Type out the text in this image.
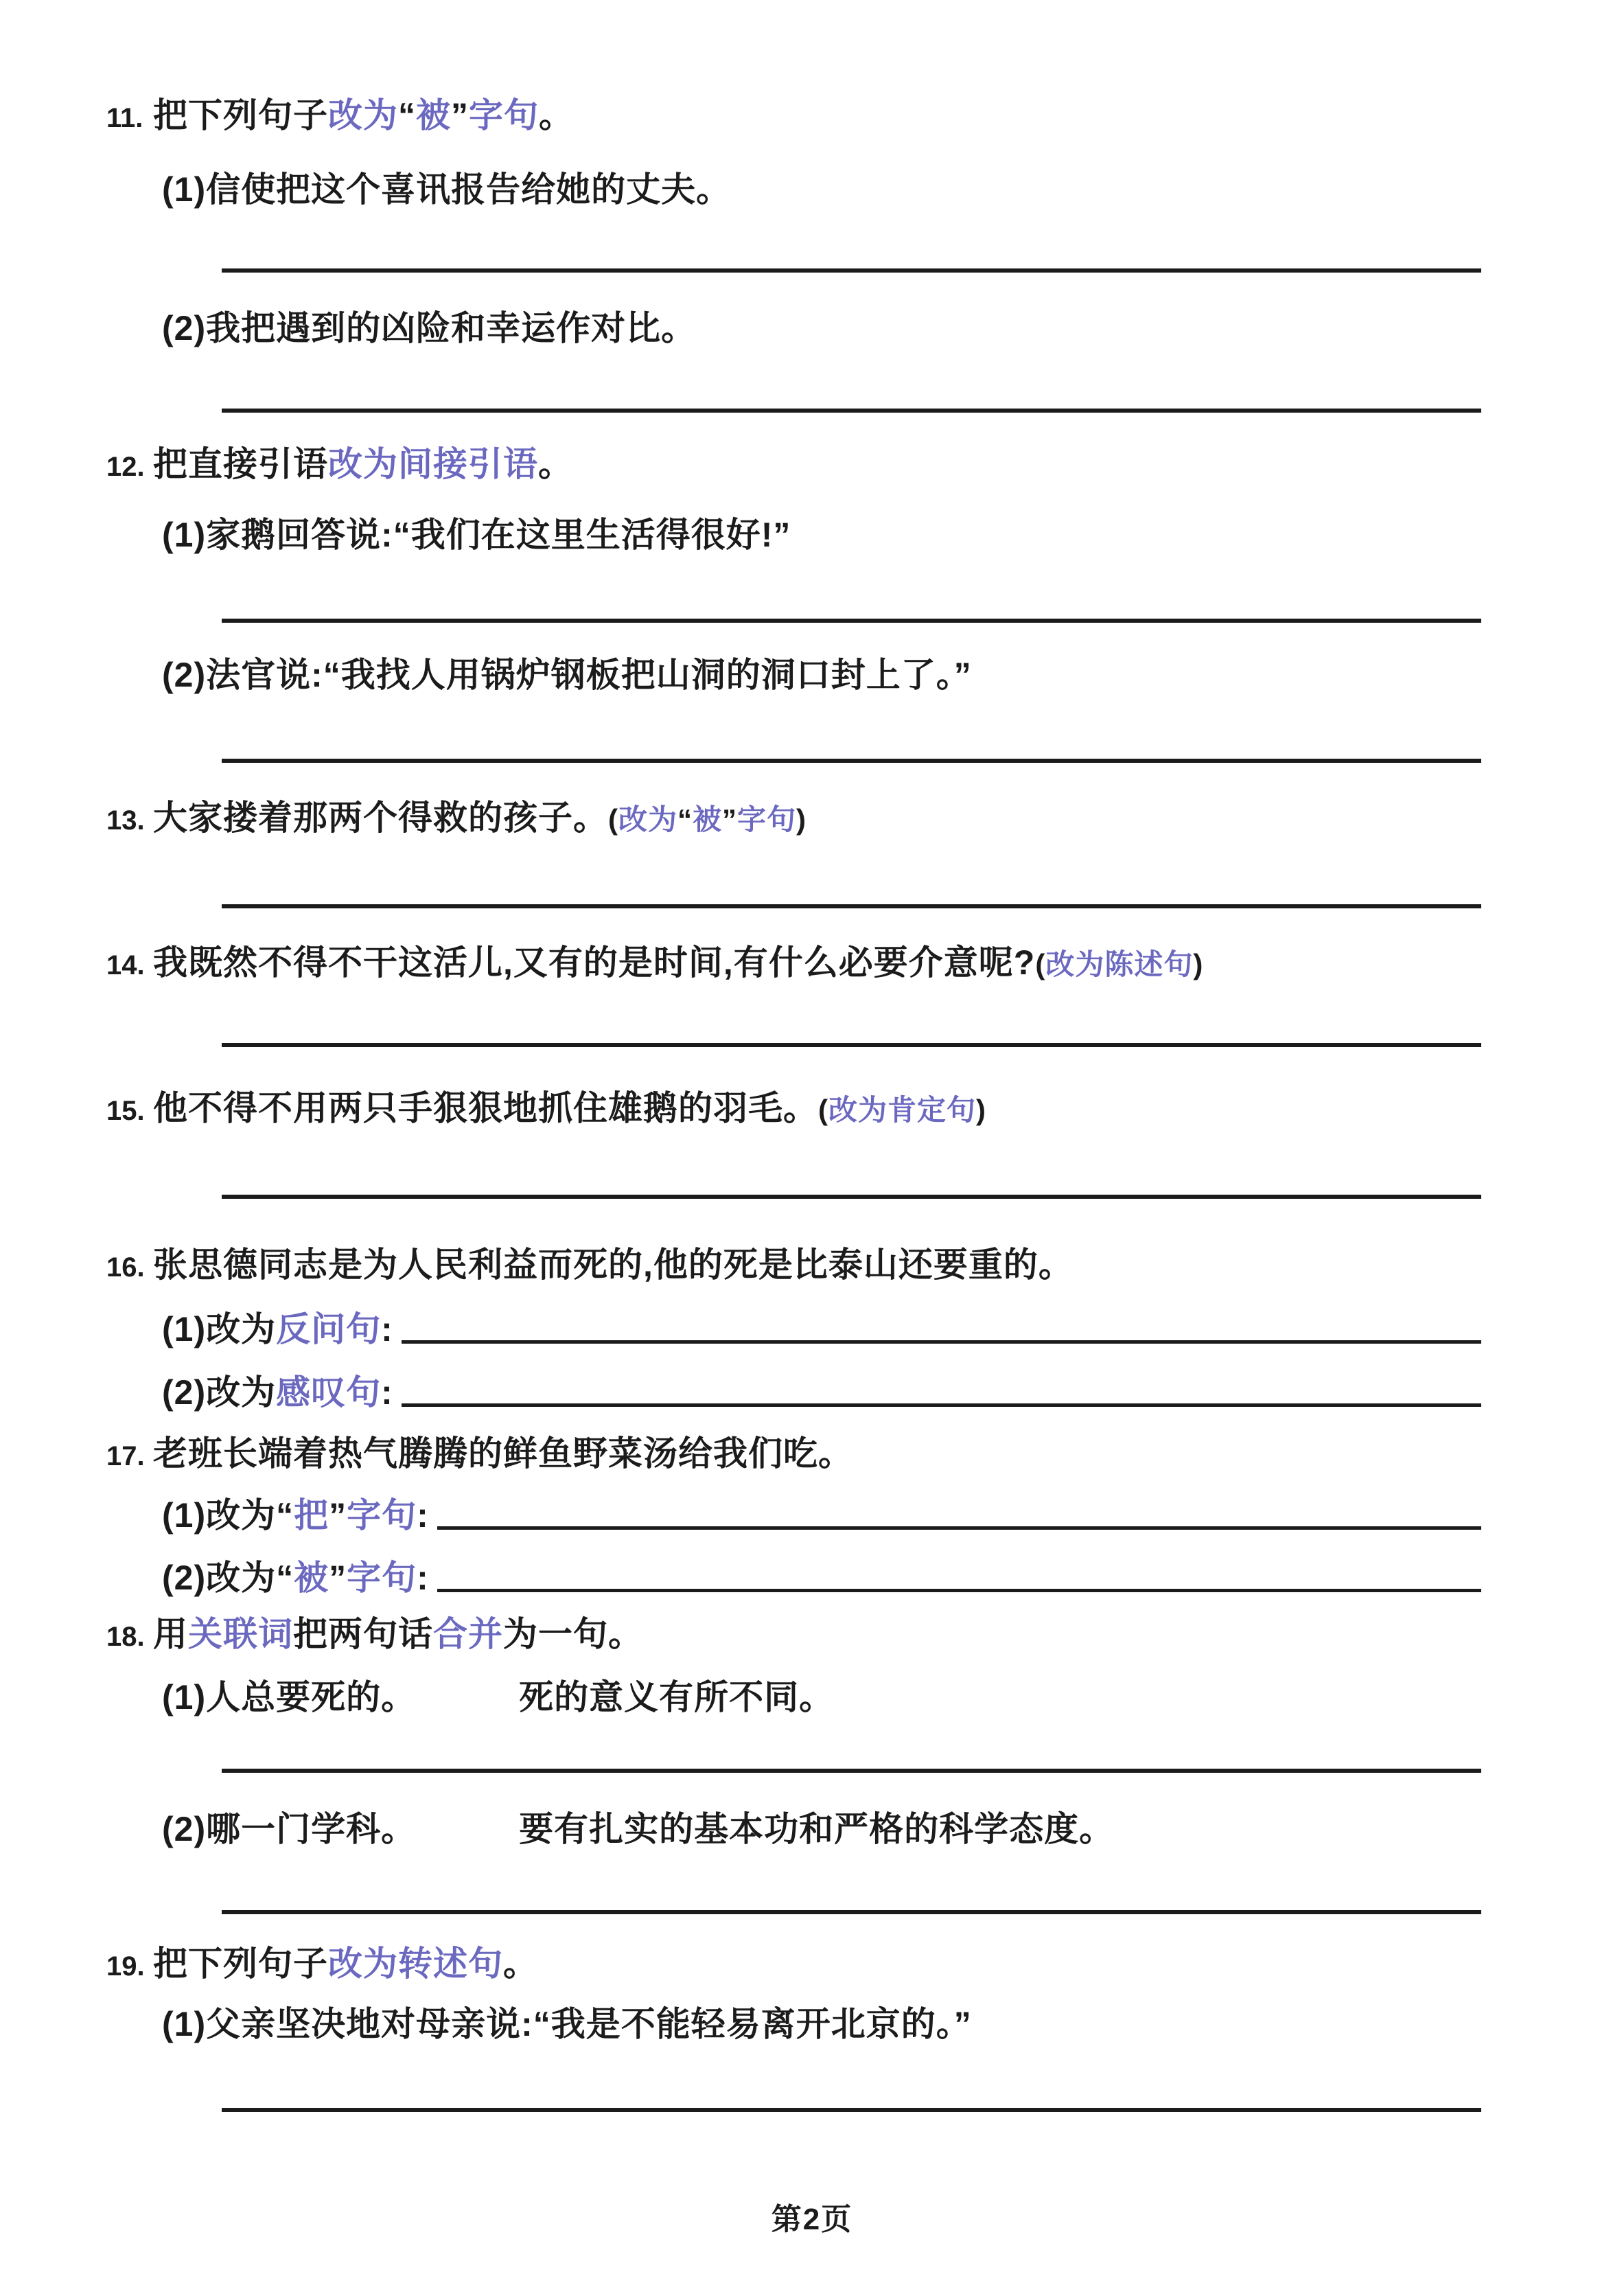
第2页
11. 把下列句子改为“被”字句。
(1)信使把这个喜讯报告给她的丈夫。
(2)我把遇到的凶险和幸运作对比。
12. 把直接引语改为间接引语。
(1)家鹅回答说:“我们在这里生活得很好!”
(2)法官说:“我找人用锅炉钢板把山洞的洞口封上了。”
13. 大家搂着那两个得救的孩子。(改为“被”字句)
14. 我既然不得不干这活儿,又有的是时间,有什么必要介意呢?(改为陈述句)
15. 他不得不用两只手狠狠地抓住雄鹅的羽毛。(改为肯定句)
16. 张思德同志是为人民利益而死的,他的死是比泰山还要重的。
(1) 改为 反问句 :
(2) 改为 感叹句 :
17. 老班长端着热气腾腾的鲜鱼野菜汤给我们吃。
(1) 改为 “ 把 ” 字句 :
(2) 改为 “ 被 ” 字句 :
18. 用关联词把两句话合并为一句。
(1)人总要死的。	死的意义有所不同。
(2)哪一门学科。	要有扎实的基本功和严格的科学态度。
19. 把下列句子改为转述句。
(1)父亲坚决地对母亲说:“我是不能轻易离开北京的。”
